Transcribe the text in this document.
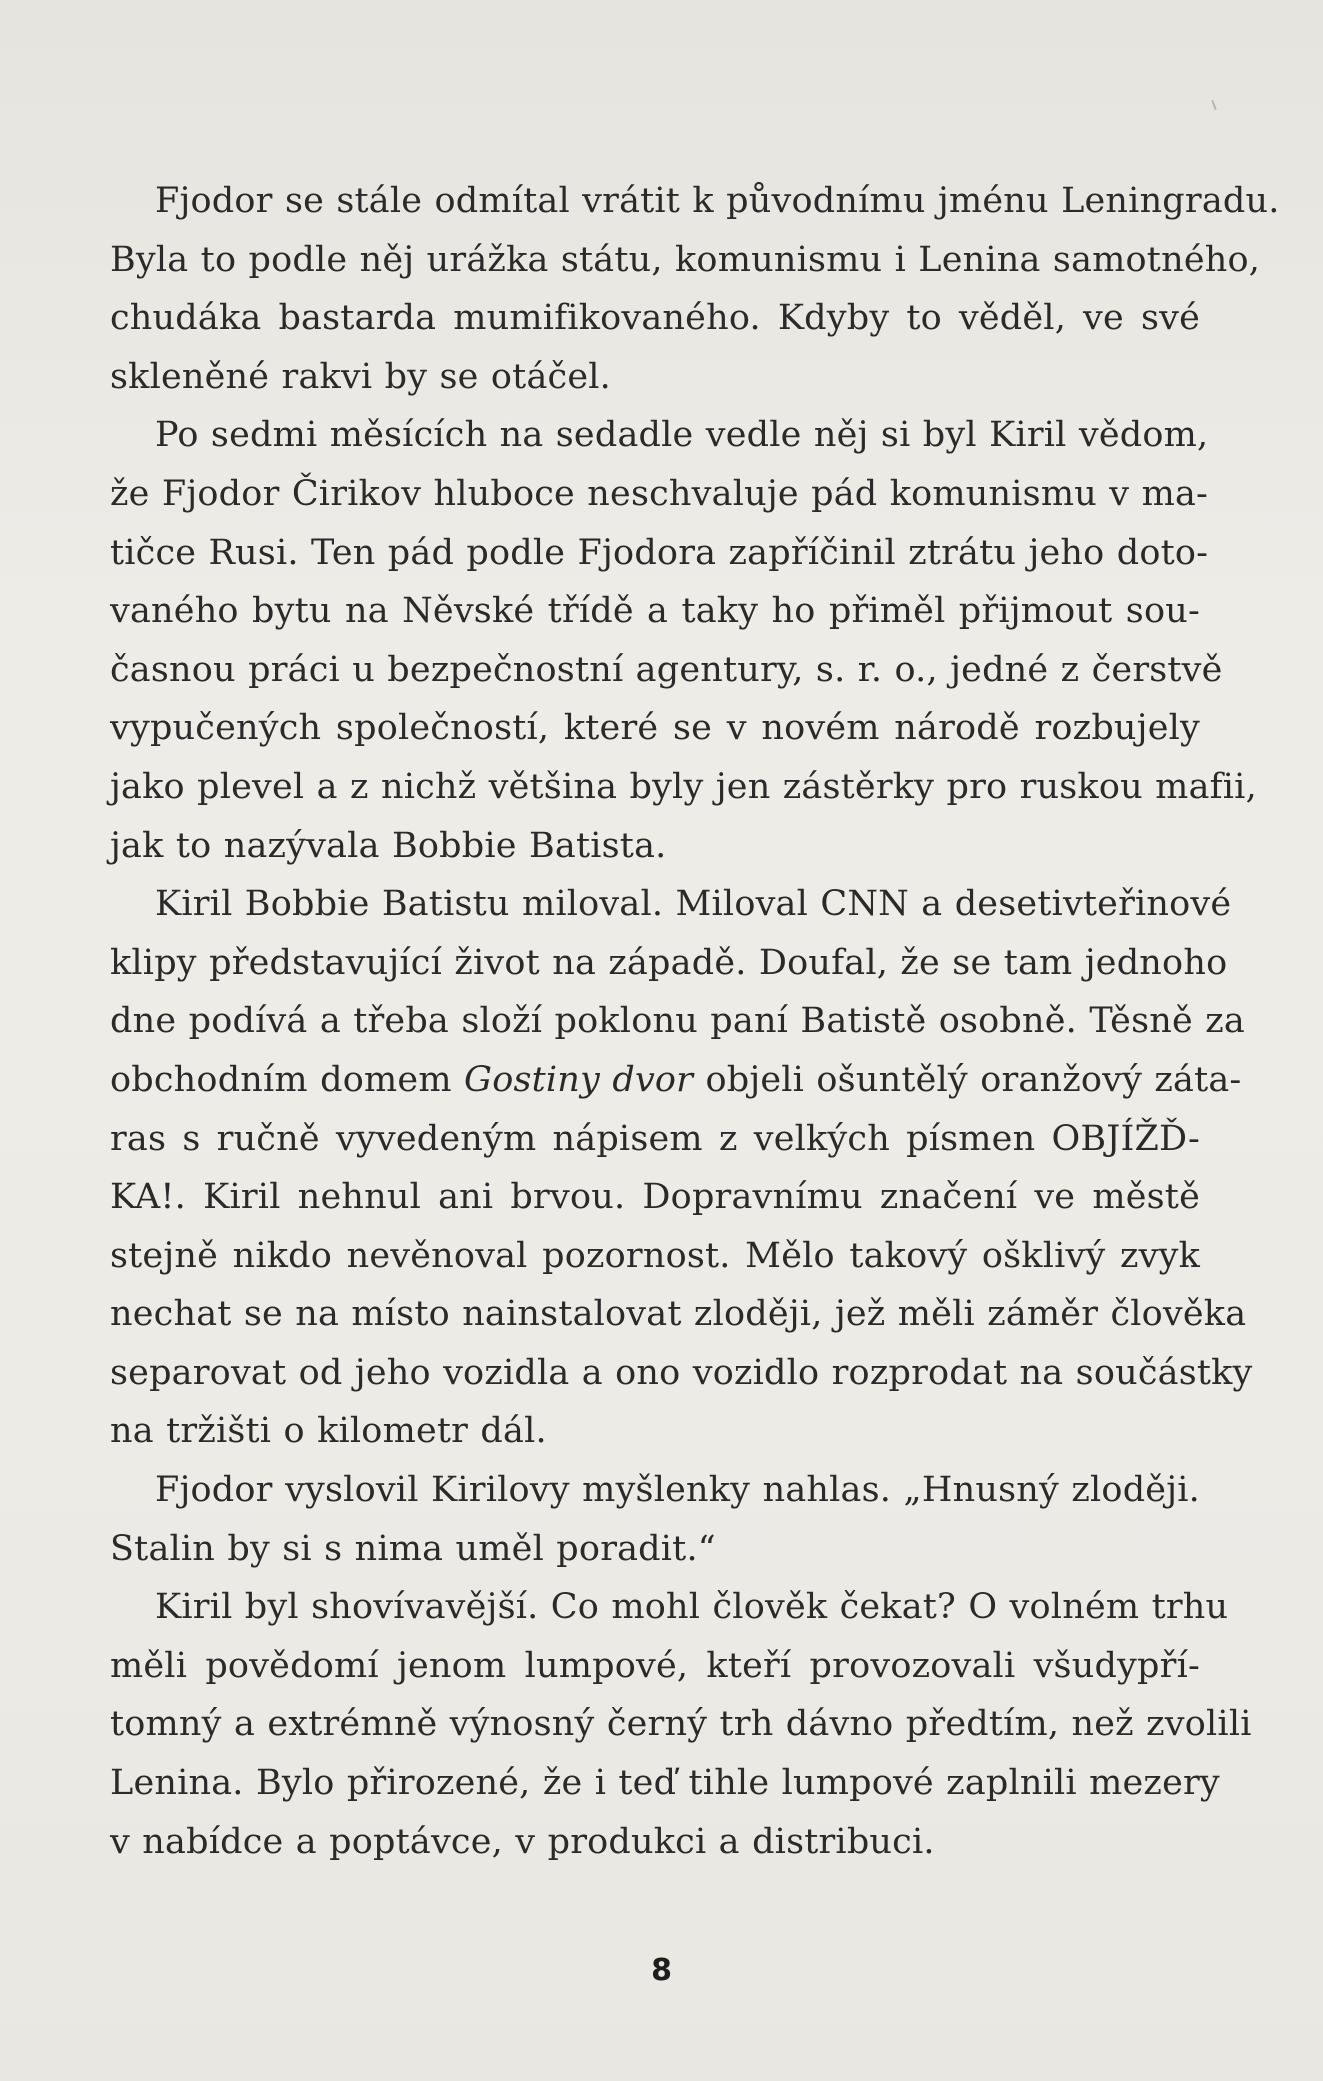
Fjodor se stále odmítal vrátit k původnímu jménu Leningradu.
Byla to podle něj urážka státu, komunismu i Lenina samotného,
chudáka bastarda mumifikovaného. Kdyby to věděl, ve své
skleněné rakvi by se otáčel.

Po sedmi měsících na sedadle vedle něj si byl Kiril vědom,
že Fjodor Čirikov hluboce neschvaluje pád komunismu v ma-
tičce Rusi. Ten pád podle Fjodora zapříčinil ztrátu jeho doto-
vaného bytu na Něvské třídě a taky ho přiměl přijmout sou-
časnou práci u bezpečnostní agentury, s. r. o., jedné z čerstvě
vypučených společností, které se v novém národě rozbujely
jako plevel a z nichž většina byly jen zástěrky pro ruskou mafii,
jak to nazývala Bobbie Batista.

Kiril Bobbie Batistu miloval. Miloval CNN a desetivteřinové
klipy představující život na západě. Doufal, že se tam jednoho
dne podívá a třeba složí poklonu paní Batistě osobně. Těsně za
obchodním domem Gostiny dvor objeli ošuntělý oranžový záta-
ras s ručně vyvedeným nápisem z velkých písmen OBJÍŽĎ-
KA!. Kiril nehnul ani brvou. Dopravnímu značení ve městě
stejně nikdo nevěnoval pozornost. Mělo takový ošklivý zvyk
nechat se na místo nainstalovat zloději, jež měli záměr člověka
separovat od jeho vozidla a ono vozidlo rozprodat na součástky
na tržišti o kilometr dál.

Fjodor vyslovil Kirilovy myšlenky nahlas. „Hnusný zloději.
Stalin by si s nima uměl poradit.“

Kiril byl shovívavější. Co mohl člověk čekat? O volném trhu
měli povědomí jenom lumpové, kteří provozovali všudypří-
tomný a extrémně výnosný černý trh dávno předtím, než zvolili
Lenina. Bylo přirozené, že i teď tihle lumpové zaplnili mezery
v nabídce a poptávce, v produkci a distribuci.

8
